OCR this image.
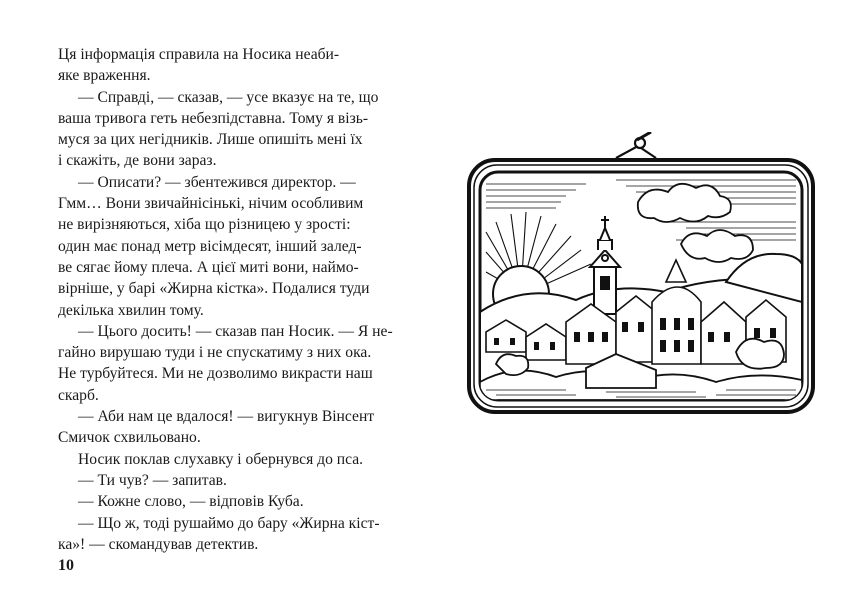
Ця інформація справила на Носика неаби-
яке враження.
— Справді, — сказав, — усе вказує на те, що
ваша тривога геть небезпідставна. Тому я візь-
муся за цих негідників. Лише опишіть мені їх
і скажіть, де вони зараз.
— Описати? — збентежився директор. —
Гмм… Вони звичайнісінькі, нічим особливим
не вирізняються, хіба що різницею у зрості:
один має понад метр вісімдесят, інший залед-
ве сягає йому плеча. А цієї миті вони, наймо-
вірніше, у барі «Жирна кістка». Подалися туди
декілька хвилин тому.
— Цього досить! — сказав пан Носик. — Я не-
гайно вирушаю туди і не спускатиму з них ока.
Не турбуйтеся. Ми не дозволимо викрасти наш
скарб.
— Аби нам це вдалося! — вигукнув Вінсент
Смичок схвильовано.
Носик поклав слухавку і обернувся до пса.
— Ти чув? — запитав.
— Кожне слово, — відповів Куба.
— Що ж, тоді рушаймо до бару «Жирна кіст-
ка»! — скомандував детектив.
10
